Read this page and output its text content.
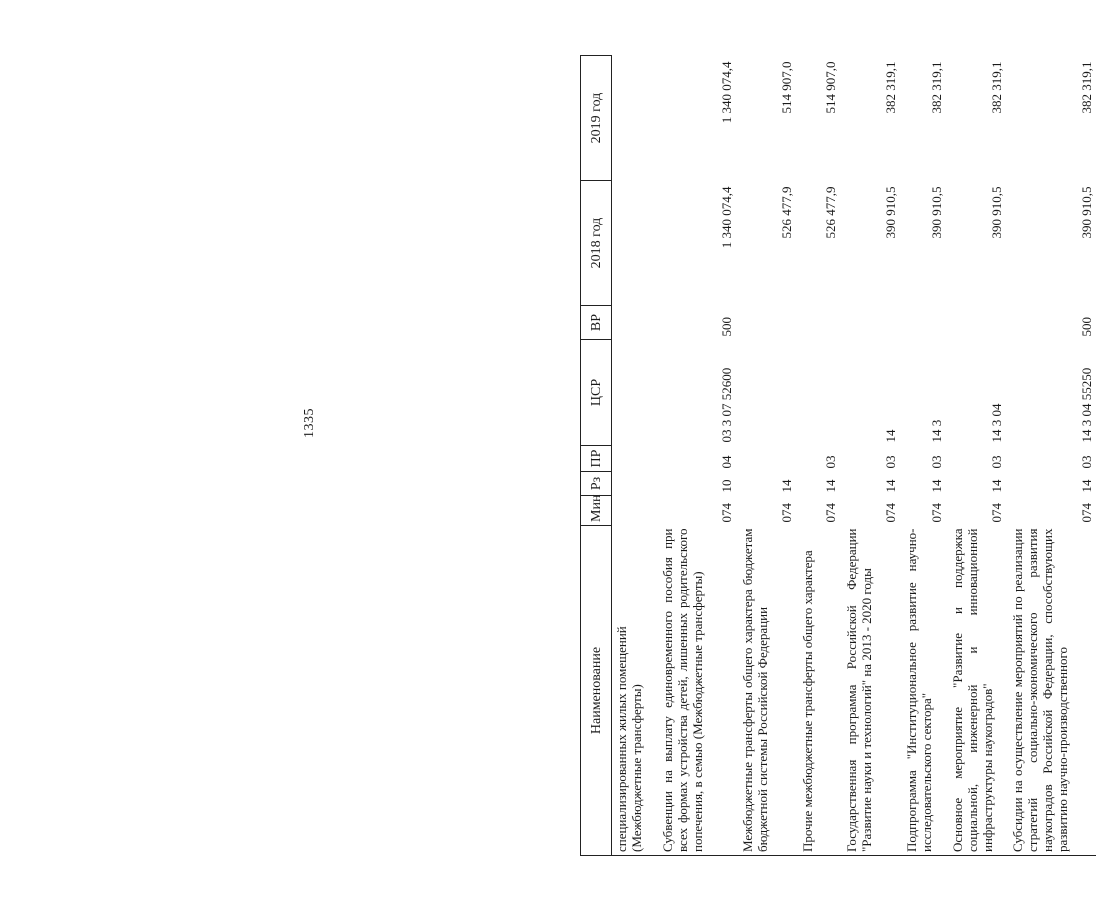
1335
Наименование	Мин	Рз	ПР	ЦСР	ВР	2018 год	2019 год
специализированных жилых помещений
(Межбюджетные трансферты)							
Субвенции на выплату единовременного пособия при всех формах устройства детей, лишенных родительского попечения, в семью (Межбюджетные трансферты)	074	10	04	03 3 07 52600	500	1 340 074,4	1 340 074,4
Межбюджетные трансферты общего характера бюджетам бюджетной системы Российской Федерации	074	14				526 477,9	514 907,0
Прочие межбюджетные трансферты общего характера	074	14	03			526 477,9	514 907,0
Государственная программа Российской Федерации "Развитие науки и технологий" на 2013 - 2020 годы	074	14	03	14		390 910,5	382 319,1
Подпрограмма "Институциональное развитие научно-исследовательского сектора"	074	14	03	14 3		390 910,5	382 319,1
Основное мероприятие "Развитие и поддержка социальной, инженерной и инновационной инфраструктуры наукоградов"	074	14	03	14 3 04		390 910,5	382 319,1
Субсидии на осуществление мероприятий по реализации стратегий социально-экономического развития наукоградов Российской Федерации, способствующих развитию научно-производственного	074	14	03	14 3 04 55250	500	390 910,5	382 319,1
